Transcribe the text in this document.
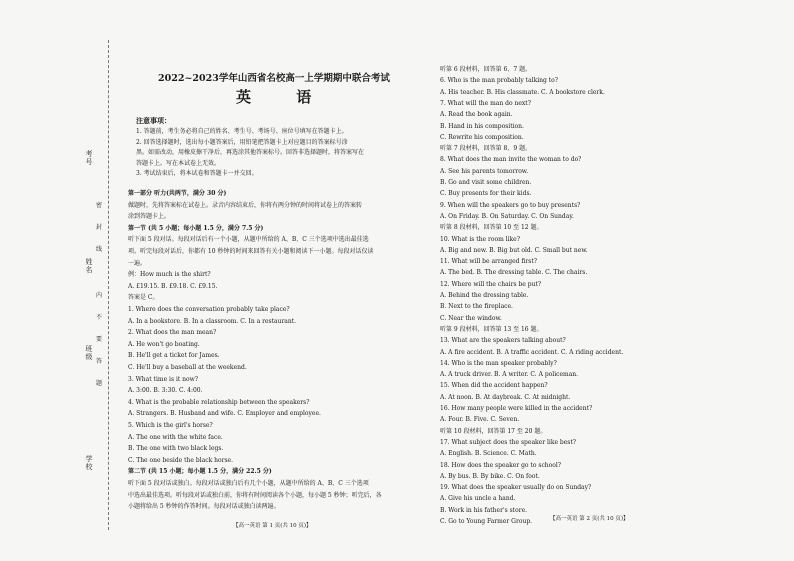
考号
姓名
班级
学校
密
封
线
内
不
要
答
题
2022~2023学年山西省名校高一上学期期中联合考试
英 语
注意事项：
1. 答题前，考生务必将自己的姓名、考生号、考场号、座位号填写在答题卡上。
2. 回答选择题时，选出每小题答案后，用铅笔把答题卡上对应题目的答案标号涂
黑。如需改动，用橡皮擦干净后，再选涂其他答案标号。回答非选择题时，将答案写在
答题卡上。写在本试卷上无效。
3. 考试结束后，将本试卷和答题卡一并交回。
第一部分 听力(共两节，满分 30 分)
做题时，先将答案标在试卷上。录音内容结束后，你将有两分钟的时间将试卷上的答案转
涂到答题卡上。
第一节 (共 5 小题；每小题 1.5 分，满分 7.5 分)
听下面 5 段对话。每段对话后有一个小题，从题中所给的 A、B、C 三个选项中选出最佳选
项。听完每段对话后，你都有 10 秒钟的时间来回答有关小题和阅读下一小题。每段对话仅读
一遍。
例：How much is the shirt?
A. £19.15. B. £9.18. C. £9.15.
答案是 C。
1. Where does the conversation probably take place?
A. In a bookstore. B. In a classroom. C. In a restaurant.
2. What does the man mean?
A. He won't go boating.
B. He'll get a ticket for James.
C. He'll buy a baseball at the weekend.
3. What time is it now?
A. 3:00. B. 3:30. C. 4:00.
4. What is the probable relationship between the speakers?
A. Strangers. B. Husband and wife. C. Employer and employee.
5. Which is the girl's horse?
A. The one with the white face.
B. The one with two black legs.
C. The one beside the black horse.
第二节 (共 15 小题；每小题 1.5 分，满分 22.5 分)
听下面 5 段对话或独白。每段对话或独白后有几个小题，从题中所给的 A、B、C 三个选项
中选出最佳选项。听每段对话或独白前，你将有时间阅读各个小题，每小题 5 秒钟；听完后，各
小题将给出 5 秒钟的作答时间。每段对话或独白读两遍。
【高一英语 第 1 页(共 10 页)】
听第 6 段材料，回答第 6、7 题。
6. Who is the man probably talking to?
A. His teacher. B. His classmate. C. A bookstore clerk.
7. What will the man do next?
A. Read the book again.
B. Hand in his composition.
C. Rewrite his composition.
听第 7 段材料，回答第 8、9 题。
8. What does the man invite the woman to do?
A. See his parents tomorrow.
B. Go and visit some children.
C. Buy presents for their kids.
9. When will the speakers go to buy presents?
A. On Friday. B. On Saturday. C. On Sunday.
听第 8 段材料，回答第 10 至 12 题。
10. What is the room like?
A. Big and new. B. Big but old. C. Small but new.
11. What will be arranged first?
A. The bed. B. The dressing table. C. The chairs.
12. Where will the chairs be put?
A. Behind the dressing table.
B. Next to the fireplace.
C. Near the window.
听第 9 段材料，回答第 13 至 16 题。
13. What are the speakers talking about?
A. A fire accident. B. A traffic accident. C. A riding accident.
14. Who is the man speaker probably?
A. A truck driver. B. A writer. C. A policeman.
15. When did the accident happen?
A. At noon. B. At daybreak. C. At midnight.
16. How many people were killed in the accident?
A. Four. B. Five. C. Seven.
听第 10 段材料，回答第 17 至 20 题。
17. What subject does the speaker like best?
A. English. B. Science. C. Math.
18. How does the speaker go to school?
A. By bus. B. By bike. C. On foot.
19. What does the speaker usually do on Sunday?
A. Give his uncle a hand.
B. Work in his father's store.
C. Go to Young Farmer Group.	【高一英语 第 2 页(共 10 页)】
